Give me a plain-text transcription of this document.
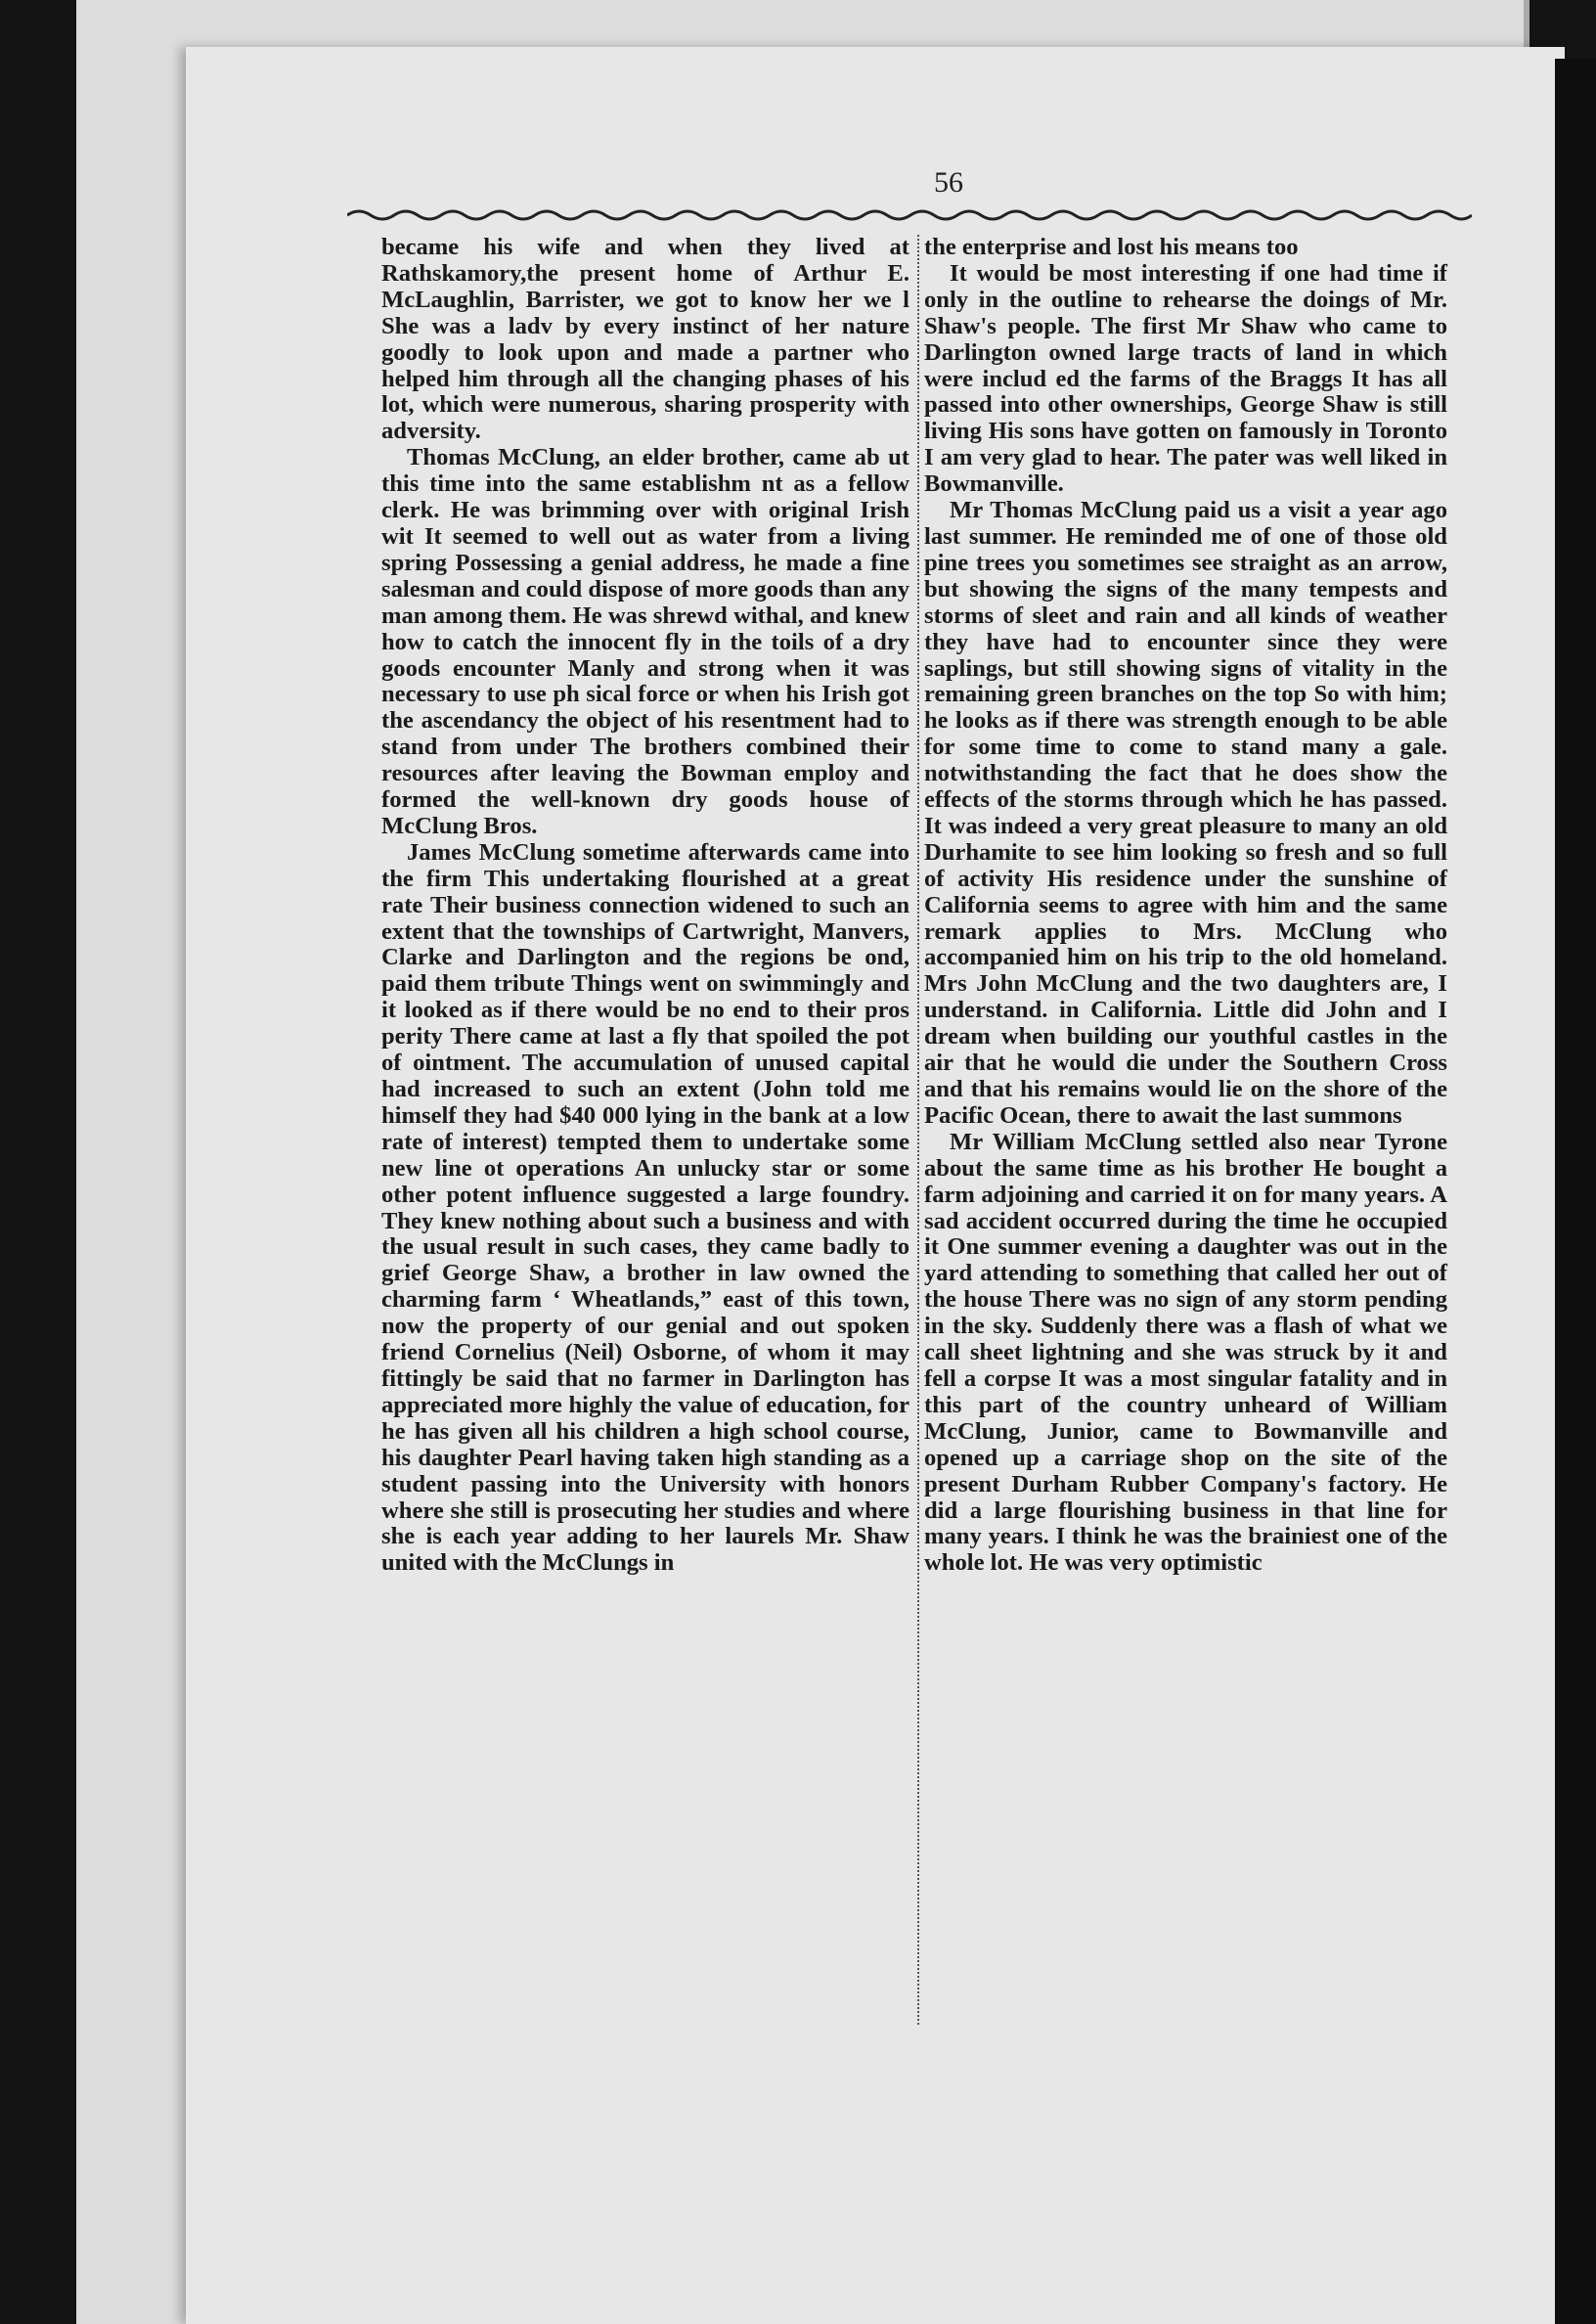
56

became his wife and when they lived at Rathskamory,the present home of Arthur E. McLaughlin, Barrister, we got to know her we l She was a ladv by every instinct of her nature goodly to look upon and made a partner who helped him through all the changing phases of his lot, which were numerous, sharing prosperity with adversity.

Thomas McClung, an elder brother, came ab ut this time into the same establishm nt as a fellow clerk. He was brimming over with original Irish wit It seemed to well out as water from a living spring Possessing a genial address, he made a fine salesman and could dispose of more goods than any man among them. He was shrewd withal, and knew how to catch the innocent fly in the toils of a dry goods encounter Manly and strong when it was necessary to use ph sical force or when his Irish got the ascendancy the object of his resentment had to stand from under The brothers combined their resources after leaving the Bowman employ and formed the well-known dry goods house of McClung Bros.

James McClung sometime afterwards came into the firm This undertaking flourished at a great rate Their business connection widened to such an extent that the townships of Cartwright, Manvers, Clarke and Darlington and the regions be ond, paid them tribute Things went on swimmingly and it looked as if there would be no end to their pros perity There came at last a fly that spoiled the pot of ointment. The accumulation of unused capital had increased to such an extent (John told me himself they had $40 000 lying in the bank at a low rate of interest) tempted them to undertake some new line ot operations An unlucky star or some other potent influence suggested a large foundry. They knew nothing about such a business and with the usual result in such cases, they came badly to grief George Shaw, a brother in law owned the charming farm ‘ Wheatlands,” east of this town, now the property of our genial and out spoken friend Cornelius (Neil) Osborne, of whom it may fittingly be said that no farmer in Darlington has appreciated more highly the value of education, for he has given all his children a high school course, his daughter Pearl having taken high standing as a student passing into the University with honors where she still is prosecuting her studies and where she is each year adding to her laurels Mr. Shaw united with the McClungs in

the enterprise and lost his means too

It would be most interesting if one had time if only in the outline to rehearse the doings of Mr. Shaw's people. The first Mr Shaw who came to Darlington owned large tracts of land in which were includ ed the farms of the Braggs It has all passed into other ownerships, George Shaw is still living His sons have gotten on famously in Toronto I am very glad to hear. The pater was well liked in Bowmanville.

Mr Thomas McClung paid us a visit a year ago last summer. He reminded me of one of those old pine trees you sometimes see straight as an arrow, but showing the signs of the many tempests and storms of sleet and rain and all kinds of weather they have had to encounter since they were saplings, but still showing signs of vitality in the remaining green branches on the top So with him; he looks as if there was strength enough to be able for some time to come to stand many a gale. notwithstanding the fact that he does show the effects of the storms through which he has passed. It was indeed a very great pleasure to many an old Durhamite to see him looking so fresh and so full of activity His residence under the sunshine of California seems to agree with him and the same remark applies to Mrs. McClung who accompanied him on his trip to the old homeland. Mrs John McClung and the two daughters are, I understand. in California. Little did John and I dream when building our youthful castles in the air that he would die under the Southern Cross and that his remains would lie on the shore of the Pacific Ocean, there to await the last summons

Mr William McClung settled also near Tyrone about the same time as his brother He bought a farm adjoining and carried it on for many years. A sad accident occurred during the time he occupied it One summer evening a daughter was out in the yard attending to something that called her out of the house There was no sign of any storm pending in the sky. Suddenly there was a flash of what we call sheet lightning and she was struck by it and fell a corpse It was a most singular fatality and in this part of the country unheard of William McClung, Junior, came to Bowmanville and opened up a carriage shop on the site of the present Durham Rubber Company's factory. He did a large flourishing business in that line for many years. I think he was the brainiest one of the whole lot. He was very optimistic
